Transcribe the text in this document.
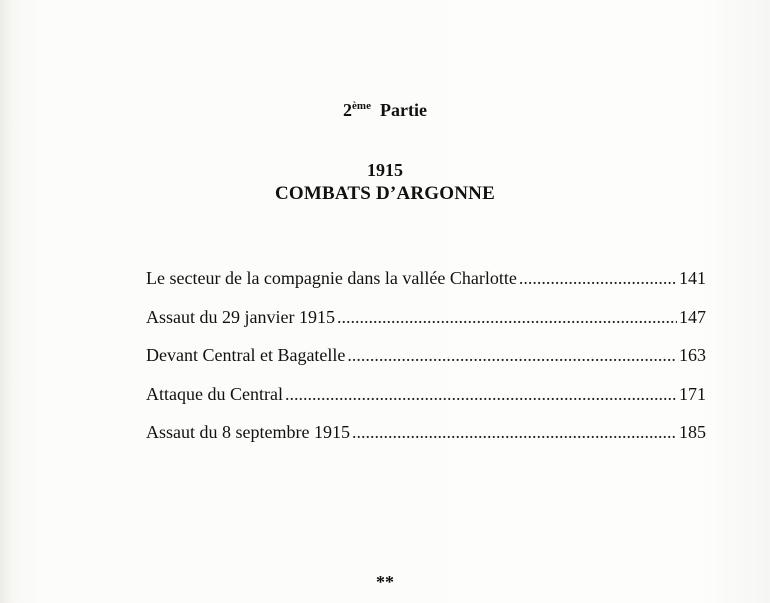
2ème Partie
1915
COMBATS D’ARGONNE
Le secteur de la compagnie dans la vallée Charlotte .....	141
Assaut du 29 janvier 1915 .....	147
Devant Central et Bagatelle .....	163
Attaque du Central .....	171
Assaut du 8 septembre 1915 .....	185
**
